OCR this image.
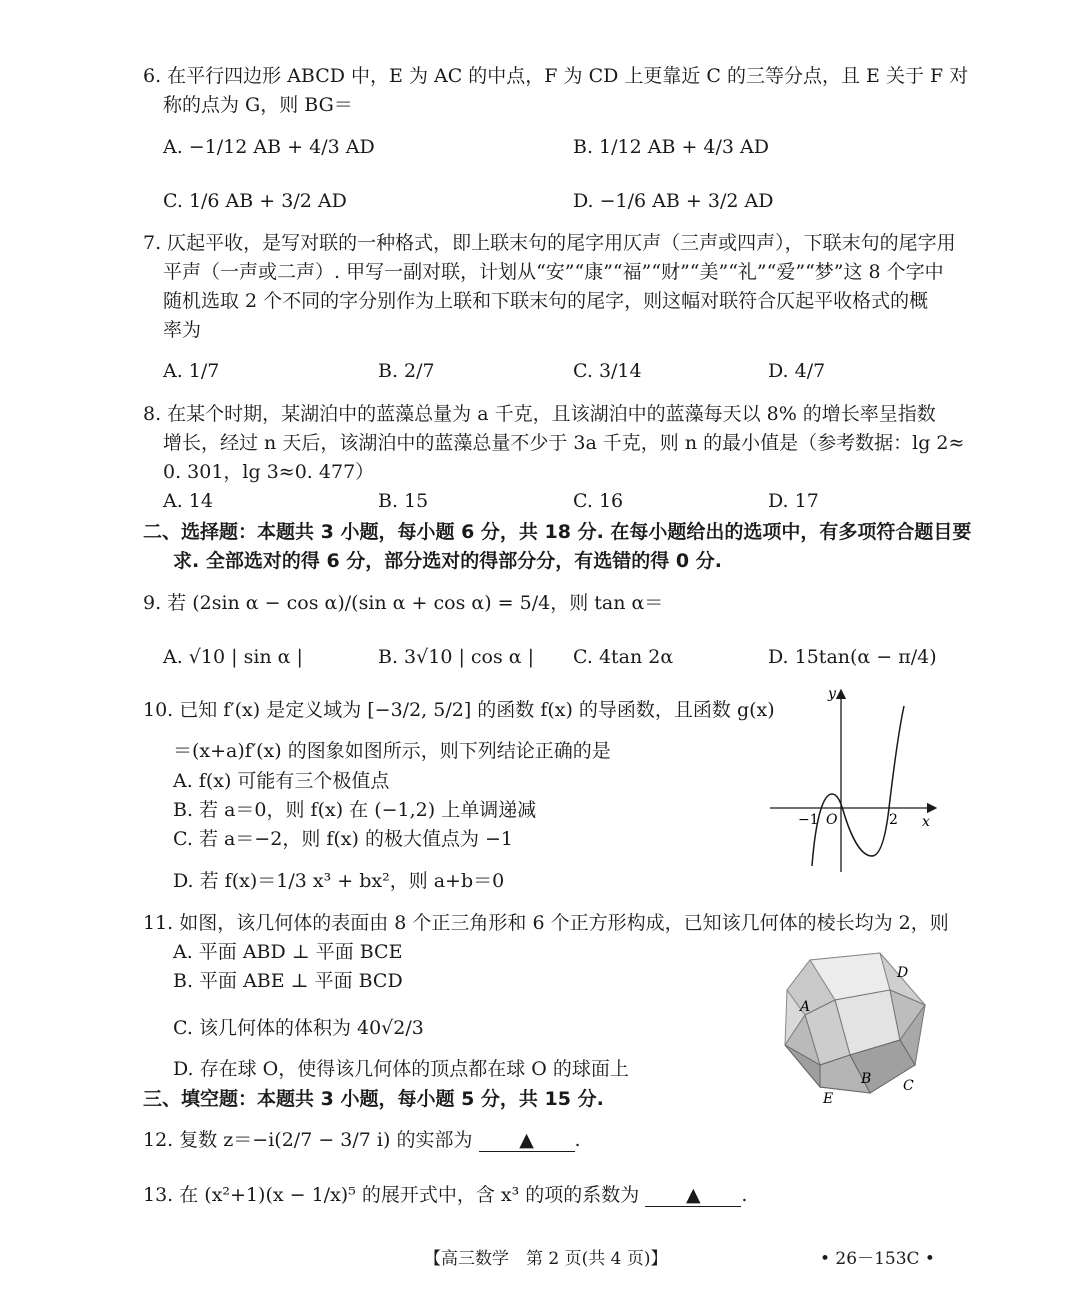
6. 在平行四边形 ABCD 中，E 为 AC 的中点，F 为 CD 上更靠近 C 的三等分点，且 E 关于 F 对
称的点为 G，则 BG＝
A. −1/12 AB + 4/3 AD	B. 1/12 AB + 4/3 AD
C. 1/6 AB + 3/2 AD	D. −1/6 AB + 3/2 AD
7. 仄起平收，是写对联的一种格式，即上联末句的尾字用仄声（三声或四声），下联末句的尾字用
平声（一声或二声）. 甲写一副对联，计划从“安”“康”“福”“财”“美”“礼”“爱”“梦”这 8 个字中
随机选取 2 个不同的字分别作为上联和下联末句的尾字，则这幅对联符合仄起平收格式的概
率为
A. 1/7	B. 2/7	C. 3/14	D. 4/7
8. 在某个时期，某湖泊中的蓝藻总量为 a 千克，且该湖泊中的蓝藻每天以 8% 的增长率呈指数
增长，经过 n 天后，该湖泊中的蓝藻总量不少于 3a 千克，则 n 的最小值是（参考数据：lg 2≈
0. 301，lg 3≈0. 477）
A. 14	B. 15	C. 16	D. 17
二、选择题：本题共 3 小题，每小题 6 分，共 18 分. 在每小题给出的选项中，有多项符合题目要
求. 全部选对的得 6 分，部分选对的得部分分，有选错的得 0 分.
9. 若 (2sin α − cos α)/(sin α + cos α) = 5/4，则 tan α＝
A. √10 | sin α |	B. 3√10 | cos α | C. 4tan 2α	D. 15tan(α − π/4)
10. 已知 f′(x) 是定义域为 [−3/2, 5/2] 的函数 f(x) 的导函数，且函数 g(x)
＝(x+a)f′(x) 的图象如图所示，则下列结论正确的是
A. f(x) 可能有三个极值点
B. 若 a＝0，则 f(x) 在 (−1,2) 上单调递减
C. 若 a＝−2，则 f(x) 的极大值点为 −1
D. 若 f(x)＝1/3 x³ + bx²，则 a+b＝0
y
x
O
−1	2
11. 如图，该几何体的表面由 8 个正三角形和 6 个正方形构成，已知该几何体的棱长均为 2，则
A. 平面 ABD ⊥ 平面 BCE
B. 平面 ABE ⊥ 平面 BCD
C. 该几何体的体积为 40√2/3
D. 存在球 O，使得该几何体的顶点都在球 O 的球面上
A
B C
D
E
三、填空题：本题共 3 小题，每小题 5 分，共 15 分.
12. 复数 z＝−i(2/7 − 3/7 i) 的实部为 ▲ .
13. 在 (x²+1)(x − 1/x)⁵ 的展开式中，含 x³ 的项的系数为 ▲ .
【高三数学　第 2 页(共 4 页)】	• 26－153C •
